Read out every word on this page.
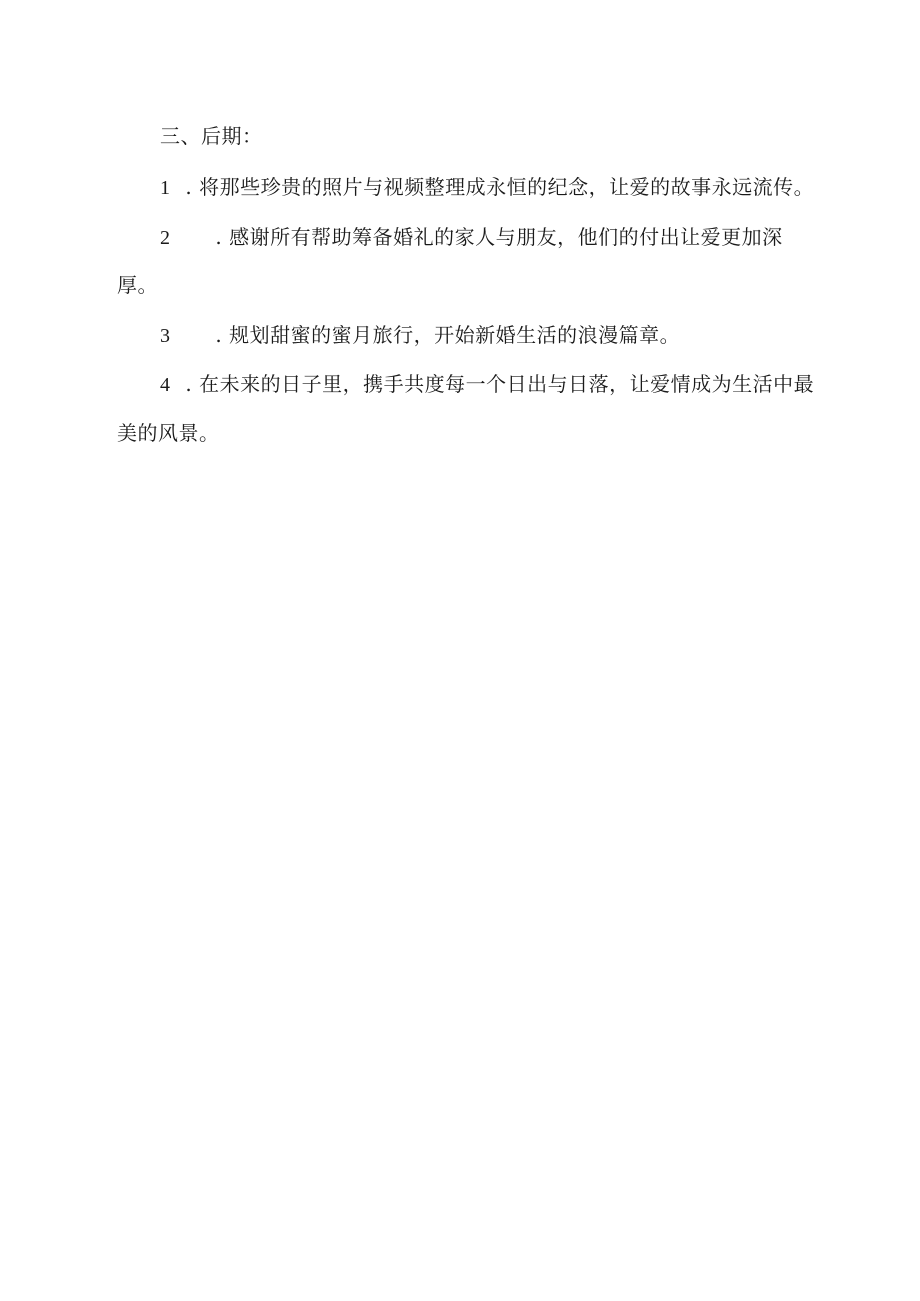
三、后期：
1 . 将那些珍贵的照片与视频整理成永恒的纪念，让爱的故事永远流传。
2 . 感谢所有帮助筹备婚礼的家人与朋友，他们的付出让爱更加深
厚。
3 . 规划甜蜜的蜜月旅行，开始新婚生活的浪漫篇章。
4 . 在未来的日子里，携手共度每一个日出与日落，让爱情成为生活中最
美的风景。
